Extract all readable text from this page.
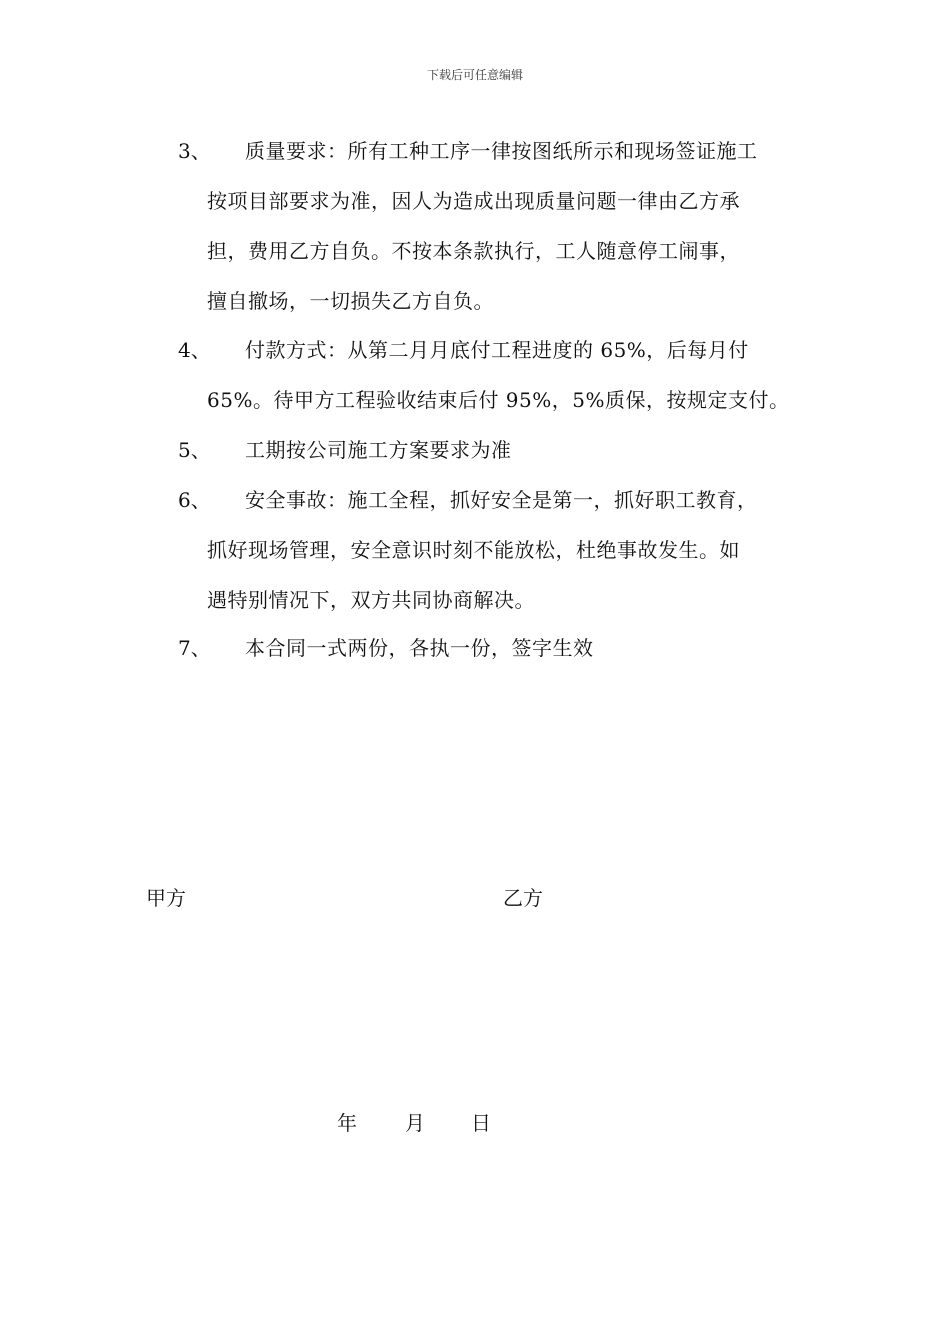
下载后可任意编辑
3、 质量要求：所有工种工序一律按图纸所示和现场签证施工
按项目部要求为准，因人为造成出现质量问题一律由乙方承
担，费用乙方自负。不按本条款执行，工人随意停工闹事，
擅自撤场，一切损失乙方自负。
4、 付款方式：从第二月月底付工程进度的 65%，后每月付
65%。待甲方工程验收结束后付 95%，5%质保，按规定支付。
5、 工期按公司施工方案要求为准
6、 安全事故：施工全程，抓好安全是第一，抓好职工教育，
抓好现场管理，安全意识时刻不能放松，杜绝事故发生。如
遇特别情况下，双方共同协商解决。
7、 本合同一式两份，各执一份，签字生效
甲方	乙方
年 月 日
